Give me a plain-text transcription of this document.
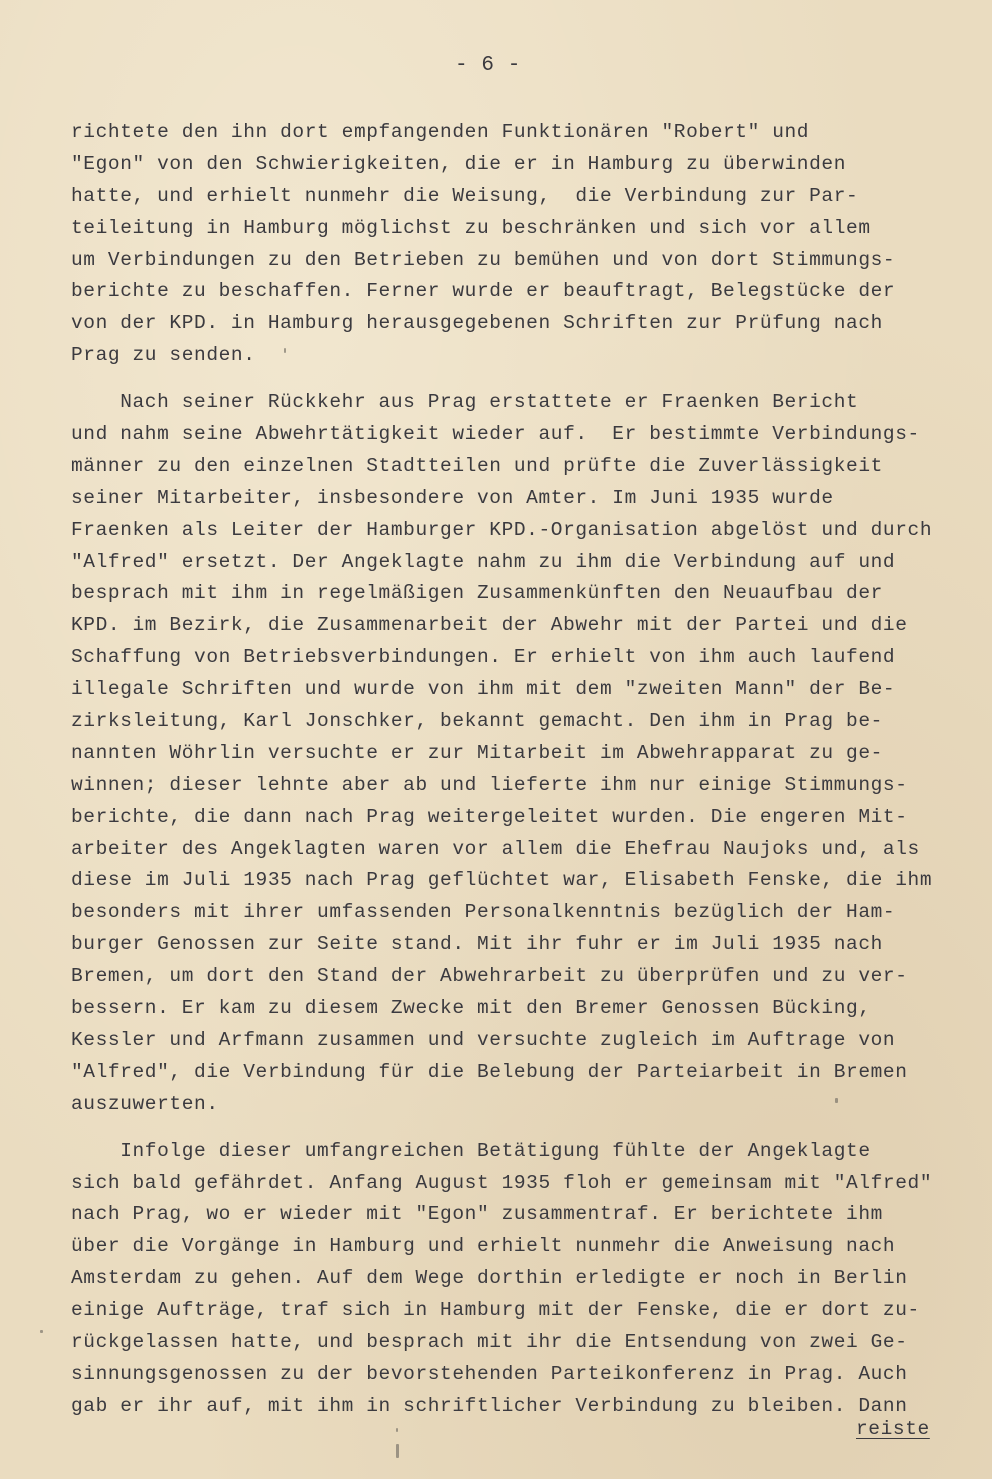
- 6 -
richtete den ihn dort empfangenden Funktionären "Robert" und
"Egon" von den Schwierigkeiten, die er in Hamburg zu überwinden
hatte, und erhielt nunmehr die Weisung,  die Verbindung zur Par-
teileitung in Hamburg möglichst zu beschränken und sich vor allem
um Verbindungen zu den Betrieben zu bemühen und von dort Stimmungs-
berichte zu beschaffen. Ferner wurde er beauftragt, Belegstücke der
von der KPD. in Hamburg herausgegebenen Schriften zur Prüfung nach
Prag zu senden.
Nach seiner Rückkehr aus Prag erstattete er Fraenken Bericht
und nahm seine Abwehrtätigkeit wieder auf.  Er bestimmte Verbindungs-
männer zu den einzelnen Stadtteilen und prüfte die Zuverlässigkeit
seiner Mitarbeiter, insbesondere von Amter. Im Juni 1935 wurde
Fraenken als Leiter der Hamburger KPD.-Organisation abgelöst und durch
"Alfred" ersetzt. Der Angeklagte nahm zu ihm die Verbindung auf und
besprach mit ihm in regelmäßigen Zusammenkünften den Neuaufbau der
KPD. im Bezirk, die Zusammenarbeit der Abwehr mit der Partei und die
Schaffung von Betriebsverbindungen. Er erhielt von ihm auch laufend
illegale Schriften und wurde von ihm mit dem "zweiten Mann" der Be-
zirksleitung, Karl Jonschker, bekannt gemacht. Den ihm in Prag be-
nannten Wöhrlin versuchte er zur Mitarbeit im Abwehrapparat zu ge-
winnen; dieser lehnte aber ab und lieferte ihm nur einige Stimmungs-
berichte, die dann nach Prag weitergeleitet wurden. Die engeren Mit-
arbeiter des Angeklagten waren vor allem die Ehefrau Naujoks und, als
diese im Juli 1935 nach Prag geflüchtet war, Elisabeth Fenske, die ihm
besonders mit ihrer umfassenden Personalkenntnis bezüglich der Ham-
burger Genossen zur Seite stand. Mit ihr fuhr er im Juli 1935 nach
Bremen, um dort den Stand der Abwehrarbeit zu überprüfen und zu ver-
bessern. Er kam zu diesem Zwecke mit den Bremer Genossen Bücking,
Kessler und Arfmann zusammen und versuchte zugleich im Auftrage von
"Alfred", die Verbindung für die Belebung der Parteiarbeit in Bremen
auszuwerten.
Infolge dieser umfangreichen Betätigung fühlte der Angeklagte
sich bald gefährdet. Anfang August 1935 floh er gemeinsam mit "Alfred"
nach Prag, wo er wieder mit "Egon" zusammentraf. Er berichtete ihm
über die Vorgänge in Hamburg und erhielt nunmehr die Anweisung nach
Amsterdam zu gehen. Auf dem Wege dorthin erledigte er noch in Berlin
einige Aufträge, traf sich in Hamburg mit der Fenske, die er dort zu-
rückgelassen hatte, und besprach mit ihr die Entsendung von zwei Ge-
sinnungsgenossen zu der bevorstehenden Parteikonferenz in Prag. Auch
gab er ihr auf, mit ihm in schriftlicher Verbindung zu bleiben. Dann
reiste
